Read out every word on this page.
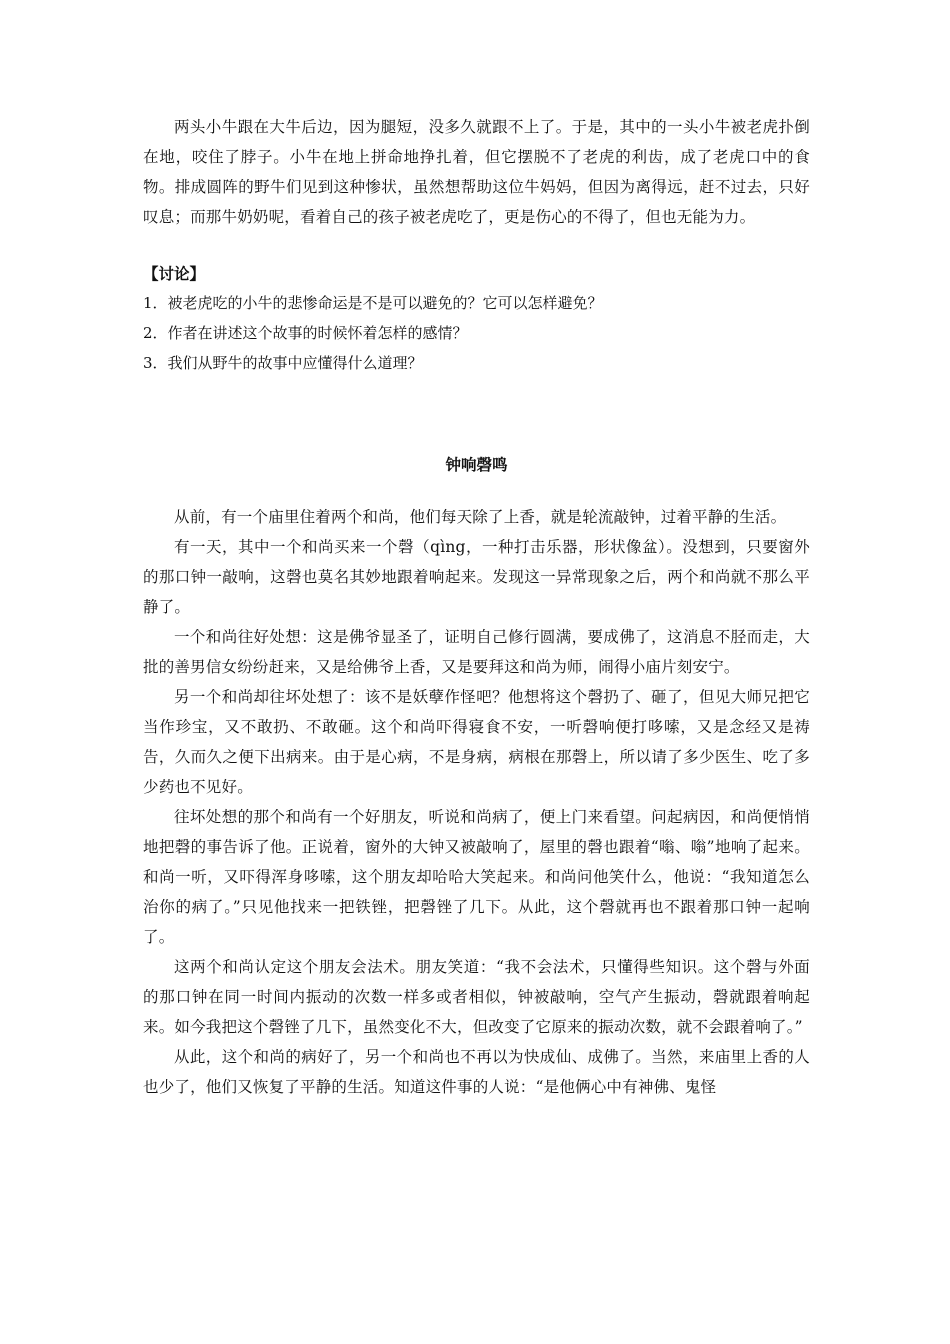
两头小牛跟在大牛后边，因为腿短，没多久就跟不上了。于是，其中的一头小牛被老虎扑倒在地，咬住了脖子。小牛在地上拼命地挣扎着，但它摆脱不了老虎的利齿，成了老虎口中的食物。排成圆阵的野牛们见到这种惨状，虽然想帮助这位牛妈妈，但因为离得远，赶不过去，只好叹息；而那牛奶奶呢，看着自己的孩子被老虎吃了，更是伤心的不得了，但也无能为力。

【讨论】

1．被老虎吃的小牛的悲惨命运是不是可以避免的？它可以怎样避免？
2．作者在讲述这个故事的时候怀着怎样的感情？
3．我们从野牛的故事中应懂得什么道理？
钟响磬鸣

从前，有一个庙里住着两个和尚，他们每天除了上香，就是轮流敲钟，过着平静的生活。

有一天，其中一个和尚买来一个磬（qìng，一种打击乐器，形状像盆）。没想到，只要窗外的那口钟一敲响，这磬也莫名其妙地跟着响起来。发现这一异常现象之后，两个和尚就不那么平静了。

一个和尚往好处想：这是佛爷显圣了，证明自己修行圆满，要成佛了，这消息不胫而走，大批的善男信女纷纷赶来，又是给佛爷上香，又是要拜这和尚为师，闹得小庙片刻安宁。

另一个和尚却往坏处想了：该不是妖孽作怪吧？他想将这个磬扔了、砸了，但见大师兄把它当作珍宝，又不敢扔、不敢砸。这个和尚吓得寝食不安，一听磬响便打哆嗦，又是念经又是祷告，久而久之便下出病来。由于是心病，不是身病，病根在那磬上，所以请了多少医生、吃了多少药也不见好。

往坏处想的那个和尚有一个好朋友，听说和尚病了，便上门来看望。问起病因，和尚便悄悄地把磬的事告诉了他。正说着，窗外的大钟又被敲响了，屋里的磬也跟着“嗡、嗡”地响了起来。和尚一听，又吓得浑身哆嗦，这个朋友却哈哈大笑起来。和尚问他笑什么，他说：“我知道怎么治你的病了。”只见他找来一把铁锉，把磬锉了几下。从此，这个磬就再也不跟着那口钟一起响了。

这两个和尚认定这个朋友会法术。朋友笑道：“我不会法术，只懂得些知识。这个磬与外面的那口钟在同一时间内振动的次数一样多或者相似，钟被敲响，空气产生振动，磬就跟着响起来。如今我把这个磬锉了几下，虽然变化不大，但改变了它原来的振动次数，就不会跟着响了。”

从此，这个和尚的病好了，另一个和尚也不再以为快成仙、成佛了。当然，来庙里上香的人也少了，他们又恢复了平静的生活。知道这件事的人说：“是他俩心中有神佛、鬼怪
